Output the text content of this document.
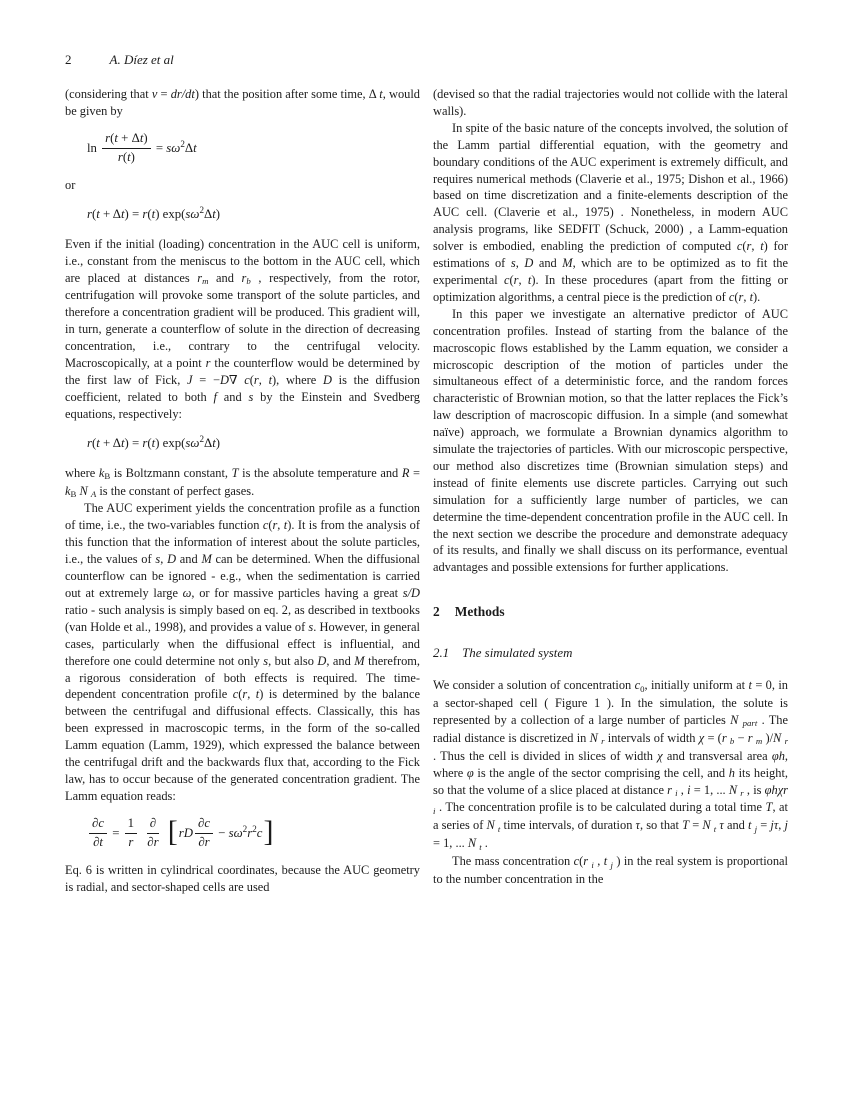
2	A. Díez et al

(considering that v = dr/dt) that the position after some time, Δ t, would be given by

$\ln \frac{r(t + \Delta t)}{r(t)} = s$ ω 2 Δ t

or

r ( t + Δ t ) = r ( t ) exp( s ω 2 Δ t )

Even if the initial (loading) concentration in the AUC cell is uniform, i.e., constant from the meniscus to the bottom in the AUC cell, which are placed at distances rm and rb , respectively, from the rotor, centrifugation will provoke some transport of the solute particles, and therefore a concentration gradient will be produced. This gradient will, in turn, generate a counterflow of solute in the direction of decreasing concentration, i.e., contrary to the centrifugal velocity. Macroscopically, at a point r the counterflow would be determined by the first law of Fick, J = −D∇ c(r, t), where D is the diffusion coefficient, related to both f and s by the Einstein and Svedberg equations, respectively:

r ( t + Δ t ) = r ( t ) exp( s ω 2 Δ t )

where kB is Boltzmann constant, T is the absolute temperature and R = kB N A is the constant of perfect gases.

The AUC experiment yields the concentration profile as a function of time, i.e., the two-variables function c(r, t). It is from the analysis of this function that the information of interest about the solute particles, i.e., the values of s, D and M can be determined. When the diffusional counterflow can be ignored - e.g., when the sedimentation is carried out at extremely large ω, or for massive particles having a great s/D ratio - such analysis is simply based on eq. 2, as described in textbooks (van Holde et al., 1998), and provides a value of s. However, in general cases, particularly when the diffusional effect is influential, and therefore one could determine not only s, but also D, and M therefrom, a rigorous consideration of both effects is required. The time-dependent concentration profile c(r, t) is determined by the balance between the centrifugal and diffusional effects. Classically, this has been expressed in macroscopic terms, in the form of the so-called Lamm equation (Lamm, 1929), which expressed the balance between the centrifugal drift and the backwards flux that, according to the Fick law, has to occur because of the generated concentration gradient. The Lamm equation reads:

$\frac{\partial c}{\partial t} = \frac{1}{r}$
$\frac{\partial}{\partial r}$
[ rD $\frac{\partial c}{\partial r} - s$ ω 2 r 2 c ]

Eq. 6 is written in cylindrical coordinates, because the AUC geometry is radial, and sector-shaped cells are used

(devised so that the radial trajectories would not collide with the lateral walls).

In spite of the basic nature of the concepts involved, the solution of the Lamm partial differential equation, with the geometry and boundary conditions of the AUC experiment is extremely difficult, and requires numerical methods (Claverie et al., 1975; Dishon et al., 1966) based on time discretization and a finite-elements description of the AUC cell. (Claverie et al., 1975) . Nonetheless, in modern AUC analysis programs, like SEDFIT (Schuck, 2000) , a Lamm-equation solver is embodied, enabling the prediction of computed c(r, t) for estimations of s, D and M, which are to be optimized as to fit the experimental c(r, t). In these procedures (apart from the fitting or optimization algorithms, a central piece is the prediction of c(r, t).

In this paper we investigate an alternative predictor of AUC concentration profiles. Instead of starting from the balance of the macroscopic flows established by the Lamm equation, we consider a microscopic description of the motion of particles under the simultaneous effect of a deterministic force, and the random forces characteristic of Brownian motion, so that the latter replaces the Fick’s law description of macroscopic diffusion. In a simple (and somewhat naïve) approach, we formulate a Brownian dynamics algorithm to simulate the trajectories of particles. With our microscopic perspective, our method also discretizes time (Brownian simulation steps) and instead of finite elements use discrete particles. Carrying out such simulation for a sufficiently large number of particles, we can determine the time-dependent concentration profile in the AUC cell. In the next section we describe the procedure and demonstrate adequacy of its results, and finally we shall discuss on its performance, eventual advantages and possible extensions for further applications.

2 Methods
2.1 The simulated system

We consider a solution of concentration c0, initially uniform at t = 0, in a sector-shaped cell ( Figure 1 ). In the simulation, the solute is represented by a collection of a large number of particles N part . The radial distance is discretized in N r intervals of width χ = (r b − r m )/N r . Thus the cell is divided in slices of width χ and transversal area φh, where φ is the angle of the sector comprising the cell, and h its height, so that the volume of a slice placed at distance r i , i = 1, ... N r , is φhχr i . The concentration profile is to be calculated during a total time T, at a series of N t time intervals, of duration τ, so that T = N t τ and t j = jτ, j = 1, ... N t .

The mass concentration c(r i , t j ) in the real system is proportional to the number concentration in the
